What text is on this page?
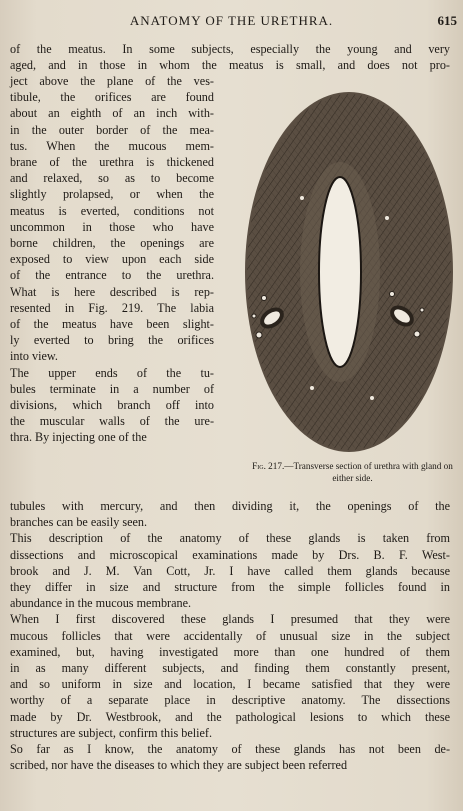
ANATOMY OF THE URETHRA.	615
of the meatus. In some subjects, especially the young and very
aged, and in those in whom the meatus is small, and does not pro-
ject above the plane of the ves-
tibule, the orifices are found
about an eighth of an inch with-
in the outer border of the mea-
tus. When the mucous mem-
brane of the urethra is thickened
and relaxed, so as to become
slightly prolapsed, or when the
meatus is everted, conditions not
uncommon in those who have
borne children, the openings are
exposed to view upon each side
of the entrance to the urethra.
What is here described is rep-
resented in Fig. 219. The labia
of the meatus have been slight-
ly everted to bring the orifices
into view.
The upper ends of the tu-
bules terminate in a number of
divisions, which branch off into
the muscular walls of the ure-
thra. By injecting one of the
tubules with mercury, and then dividing it, the openings of the
branches can be easily seen.
This description of the anatomy of these glands is taken from
dissections and microscopical examinations made by Drs. B. F. West-
brook and J. M. Van Cott, Jr. I have called them glands because
they differ in size and structure from the simple follicles found in
abundance in the mucous membrane.
When I first discovered these glands I presumed that they were
mucous follicles that were accidentally of unusual size in the subject
examined, but, having investigated more than one hundred of them
in as many different subjects, and finding them constantly present,
and so uniform in size and location, I became satisfied that they were
worthy of a separate place in descriptive anatomy. The dissections
made by Dr. Westbrook, and the pathological lesions to which these
structures are subject, confirm this belief.
So far as I know, the anatomy of these glands has not been de-
scribed, nor have the diseases to which they are subject been referred
Fig. 217.—Transverse section of urethra with gland on either side.
